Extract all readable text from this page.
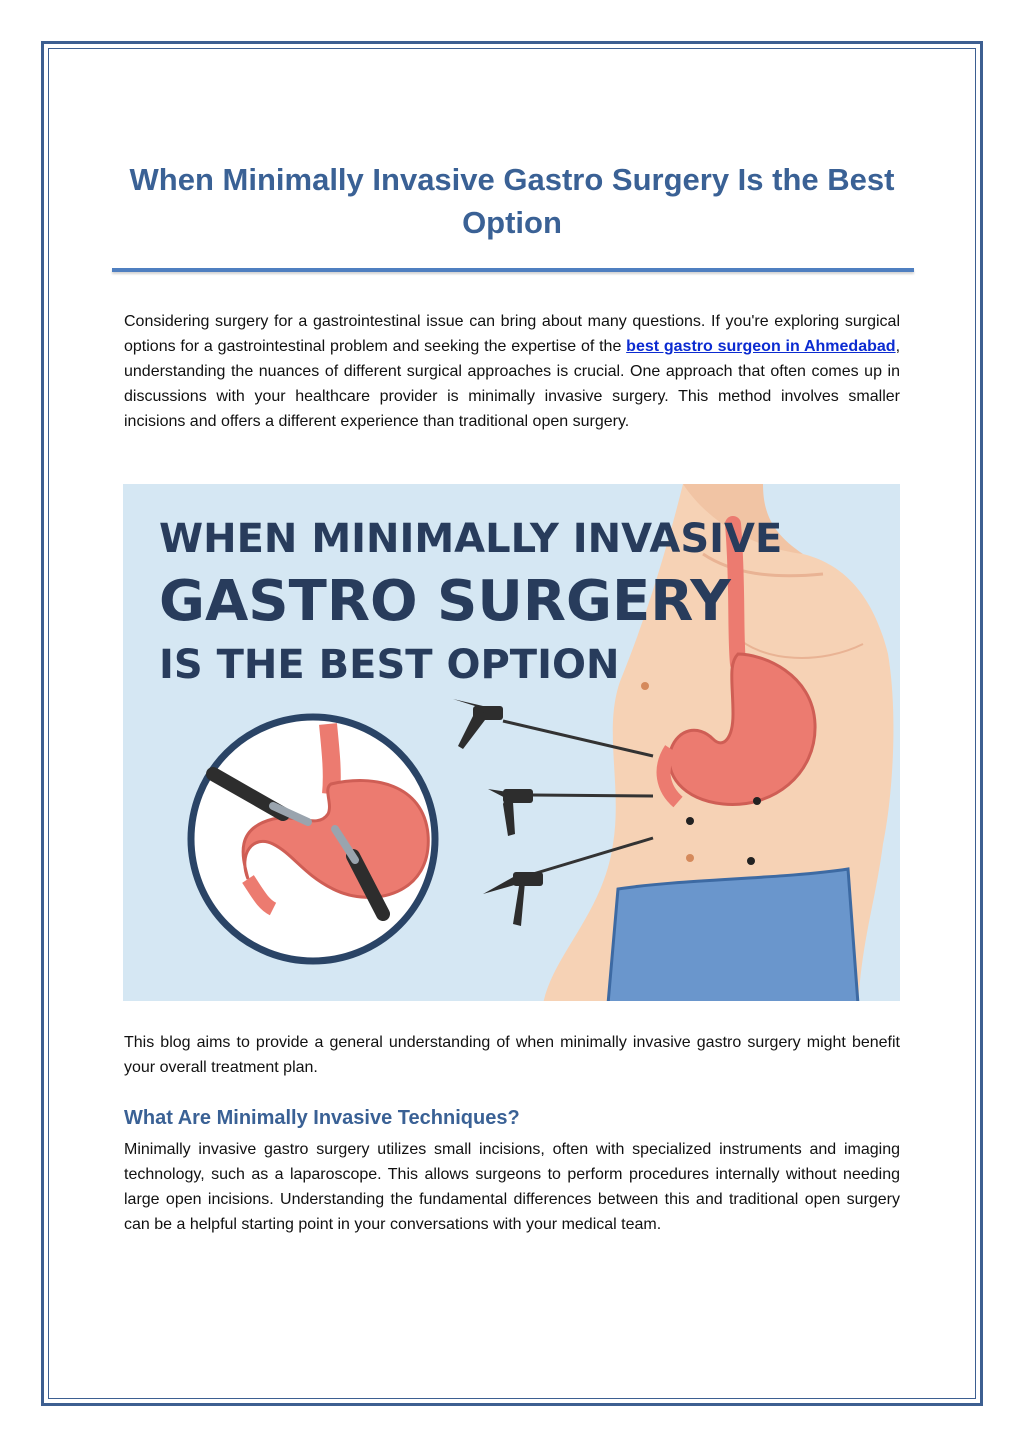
When Minimally Invasive Gastro Surgery Is the Best Option

Considering surgery for a gastrointestinal issue can bring about many questions. If you're exploring surgical options for a gastrointestinal problem and seeking the expertise of the best gastro surgeon in Ahmedabad, understanding the nuances of different surgical approaches is crucial. One approach that often comes up in discussions with your healthcare provider is minimally invasive surgery. This method involves smaller incisions and offers a different experience than traditional open surgery.

WHEN MINIMALLY INVASIVE
GASTRO SURGERY
IS THE BEST OPTION

This blog aims to provide a general understanding of when minimally invasive gastro surgery might benefit your overall treatment plan.

What Are Minimally Invasive Techniques?

Minimally invasive gastro surgery utilizes small incisions, often with specialized instruments and imaging technology, such as a laparoscope. This allows surgeons to perform procedures internally without needing large open incisions. Understanding the fundamental differences between this and traditional open surgery can be a helpful starting point in your conversations with your medical team.
